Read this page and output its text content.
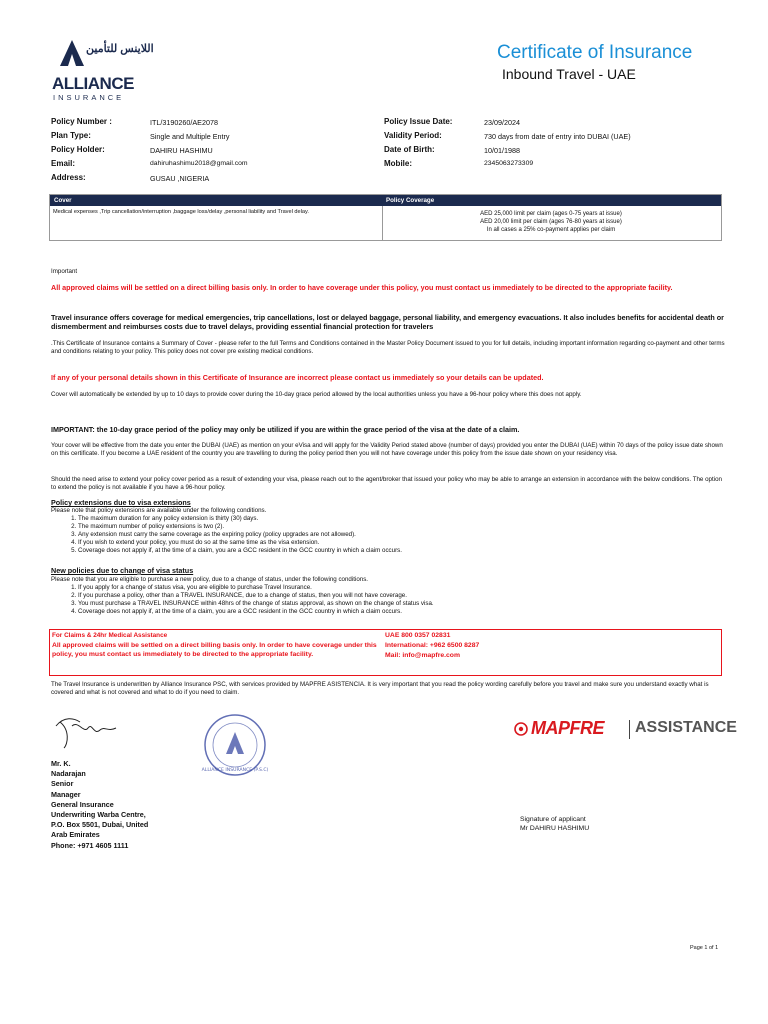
اللاينس للتأمين
ALLIANCE
INSURANCE
Certificate of Insurance
Inbound Travel - UAE
Policy Number :	ITL/3190260/AE2078
Plan Type:	Single and Multiple Entry
Policy Holder:	DAHIRU HASHIMU
Email:	dahiruhashimu2018@gmail.com
Address:	GUSAU ,NIGERIA
Policy Issue Date:	23/09/2024
Validity Period:	730 days from date of entry into DUBAI (UAE)
Date of Birth:	10/01/1988
Mobile:	2345063273309
Cover	Policy Coverage
Medical expenses ,Trip cancellation/interruption ,baggage loss/delay ,personal liability and Travel delay.	AED 25,000 limit per claim (ages 0-75 years at issue)
AED 20,00 limit per claim (ages 76-80 years at issue)
In all cases a 25% co-payment applies per claim
Important
All approved claims will be settled on a direct billing basis only. In order to have coverage under this policy, you must contact us immediately to be directed to the appropriate facility.
Travel insurance offers coverage for medical emergencies, trip cancellations, lost or delayed baggage, personal liability, and emergency evacuations. It also includes benefits for accidental death or dismemberment and reimburses costs due to travel delays, providing essential financial protection for travelers
.This Certificate of Insurance contains a Summary of Cover - please refer to the full Terms and Conditions contained in the Master Policy Document issued to you for full details, including important information regarding co-payment and other terms and conditions relating to your policy. This policy does not cover pre existing medical conditions.
If any of your personal details shown in this Certificate of Insurance are incorrect please contact us immediately so your details can be updated.
Cover will automatically be extended by up to 10 days to provide cover during the 10-day grace period allowed by the local authorities unless you have a 96-hour policy where this does not apply.
IMPORTANT: the 10-day grace period of the policy may only be utilized if you are within the grace period of the visa at the date of a claim.
Your cover will be effective from the date you enter the DUBAI (UAE) as mention on your eVisa and will apply for the Validity Period stated above (number of days) provided you enter the DUBAI (UAE) within 70 days of the policy issue date shown on this certificate. If you become a UAE resident of the country you are travelling to during the policy period then you will not have coverage under this policy from the issue date shown on your residency visa.
Should the need arise to extend your policy cover period as a result of extending your visa, please reach out to the agent/broker that issued your policy who may be able to arrange an extension in accordance with the below conditions. The option to extend the policy is not available if you have a 96-hour policy.
Policy extensions due to visa extensions
Please note that policy extensions are available under the following conditions.
1. The maximum duration for any policy extension is thirty (30) days.
2. The maximum number of policy extensions is two (2).
3. Any extension must carry the same coverage as the expiring policy (policy upgrades are not allowed).
4. If you wish to extend your policy, you must do so at the same time as the visa extension.
5. Coverage does not apply if, at the time of a claim, you are a GCC resident in the GCC country in which a claim occurs.
New policies due to change of visa status
Please note that you are eligible to purchase a new policy, due to a change of status, under the following conditions.
1. If you apply for a change of status visa, you are eligible to purchase Travel Insurance.
2. If you purchase a policy, other than a TRAVEL INSURANCE, due to a change of status, then you will not have coverage.
3. You must purchase a TRAVEL INSURANCE within 48hrs of the change of status approval, as shown on the change of status visa.
4. Coverage does not apply if, at the time of a claim, you are a GCC resident in the GCC country in which a claim occurs.
For Claims & 24hr Medical Assistance
All approved claims will be settled on a direct billing basis only. In order to have coverage under this policy, you must contact us immediately to be directed to the appropriate facility.
UAE 800 0357 02831
International: +962 6500 8287
Mail: info@mapfre.com
The Travel Insurance is underwritten by Alliance Insurance PSC, with services provided by MAPFRE ASISTENCIA. It is very important that you read the policy wording carefully before you travel and make sure you understand exactly what is covered and what is not covered and what to do if you need to claim.
ALLIANCE INSURANCE (P.S.C)
MAPFRE ASSISTANCE
Mr. K.
Nadarajan
Senior
Manager
General Insurance
Underwriting Warba Centre,
P.O. Box 5501, Dubai, United
Arab Emirates
Phone: +971 4605 1111
Signature of applicant
Mr DAHIRU HASHIMU
Page 1 of 1
